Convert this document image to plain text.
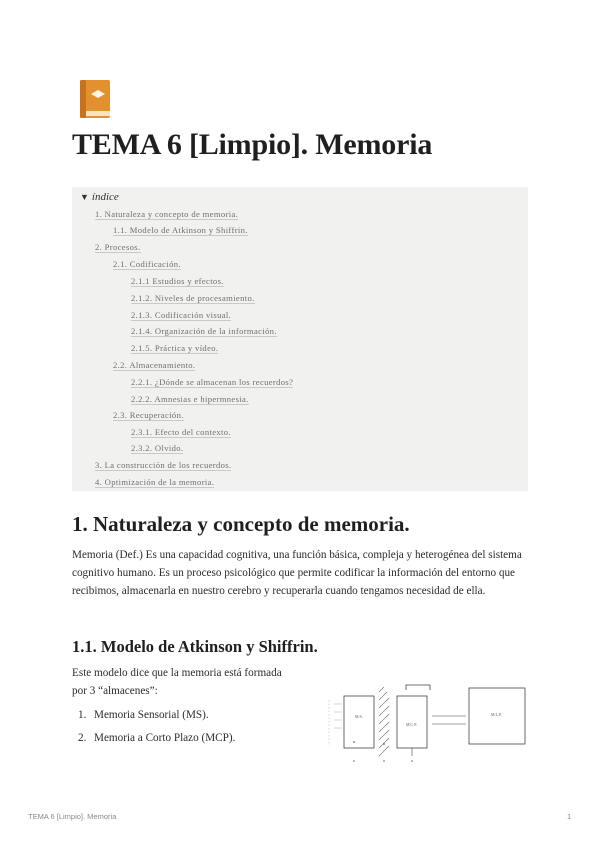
TEMA 6 [Limpio]. Memoria
▼ índice
1. Naturaleza y concepto de memoria.
1.1. Modelo de Atkinson y Shiffrin.
2. Procesos.
2.1. Codificación.
2.1.1 Estudios y efectos.
2.1.2. Niveles de procesamiento.
2.1.3. Codificación visual.
2.1.4. Organización de la información.
2.1.5. Práctica y vídeo.
2.2. Almacenamiento.
2.2.1. ¿Dónde se almacenan los recuerdos?
2.2.2. Amnesias e hipermnesia.
2.3. Recuperación.
2.3.1. Efecto del contexto.
2.3.2. Olvido.
3. La construcción de los recuerdos.
4. Optimización de la memoria.
1. Naturaleza y concepto de memoria.

Memoria (Def.) Es una capacidad cognitiva, una función básica, compleja y heterogénea del sistema cognitivo humano. Es un proceso psicológico que permite codificar la información del entorno que recibimos, almacenarla en nuestro cerebro y recuperarla cuando tengamos necesidad de ella.

1.1. Modelo de Atkinson y Shiffrin.

Este modelo dice que la memoria está formada por 3 “almacenes”:

1. Memoria Sensorial (MS).
2. Memoria a Corto Plazo (MCP).
M.S.
M.C.P.
M.L.P.
TEMA 6 [Limpio]. Memoria	1
